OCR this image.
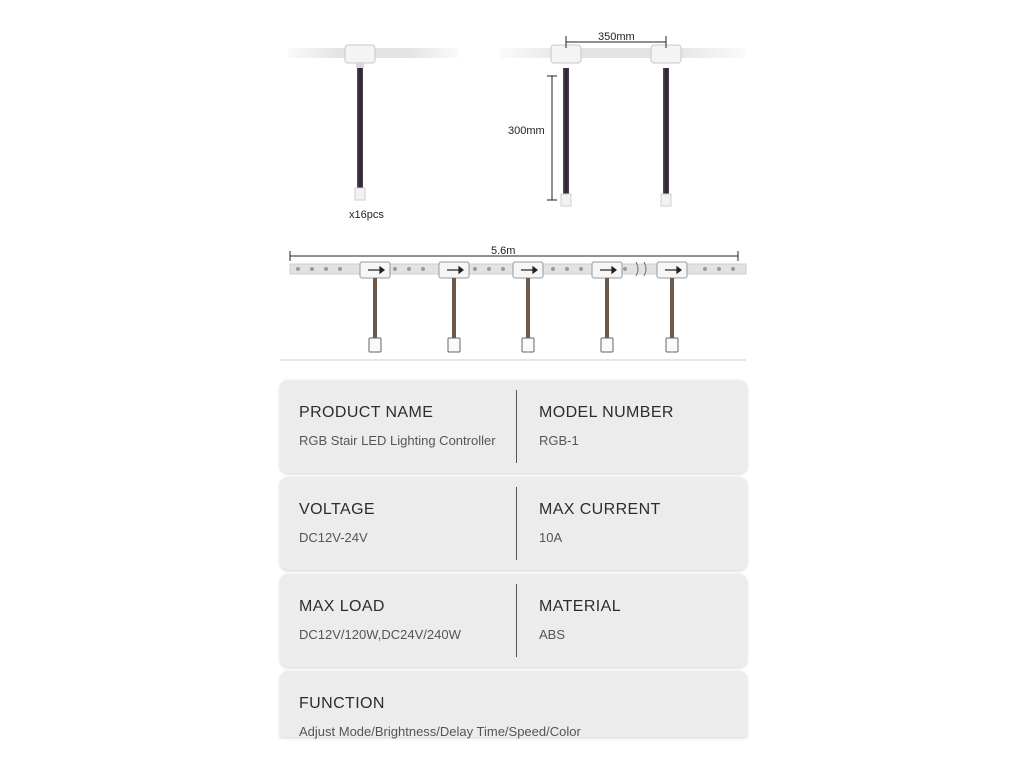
x16pcs
350mm
300mm
5.6m
PRODUCT NAME
RGB Stair LED Lighting Controller
MODEL NUMBER
RGB-1
VOLTAGE
DC12V-24V
MAX CURRENT
10A
MAX LOAD
DC12V/120W,DC24V/240W
MATERIAL
ABS
FUNCTION
Adjust Mode/Brightness/Delay Time/Speed/Color
